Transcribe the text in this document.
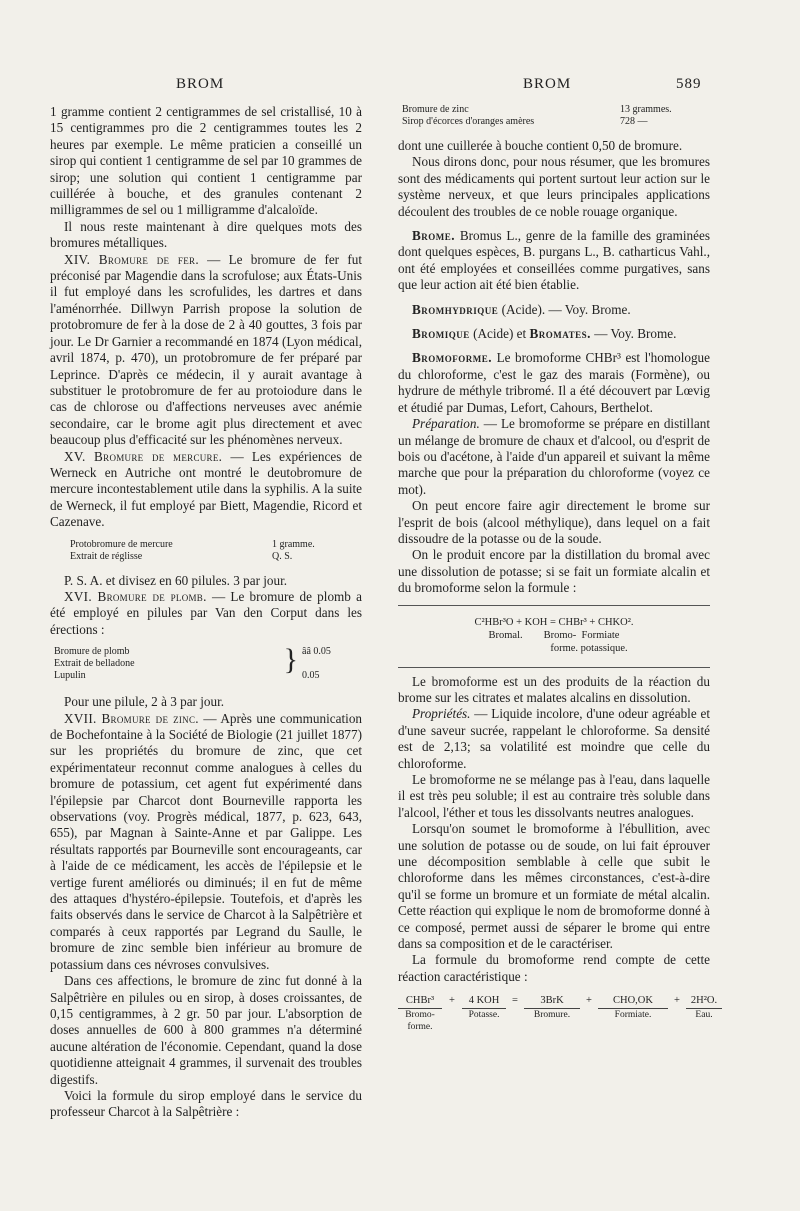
BROM	BROM	589

1 gramme contient 2 centigrammes de sel cristallisé, 10 à 15 centigrammes pro die 2 centigrammes toutes les 2 heures par exemple. Le même praticien a conseillé un sirop qui contient 1 centigramme de sel par 10 grammes de sirop; une solution qui contient 1 centigramme par cuillérée à bouche, et des granules contenant 2 milligrammes de sel ou 1 milligramme d'alcaloïde.

Il nous reste maintenant à dire quelques mots des bromures métalliques.

XIV. Bromure de fer. — Le bromure de fer fut préconisé par Magendie dans la scrofulose; aux États-Unis il fut employé dans les scrofulides, les dartres et dans l'aménorrhée. Dillwyn Parrish propose la solution de protobromure de fer à la dose de 2 à 40 gouttes, 3 fois par jour. Le Dr Garnier a recommandé en 1874 (Lyon médical, avril 1874, p. 470), un protobromure de fer préparé par Leprince. D'après ce médecin, il y aurait avantage à substituer le protobromure de fer au protoiodure dans le cas de chlorose ou d'affections nerveuses avec anémie secondaire, car le brome agit plus directement et avec beaucoup plus d'efficacité sur les phénomènes nerveux.

XV. Bromure de mercure. — Les expériences de Werneck en Autriche ont montré le deutobromure de mercure incontestablement utile dans la syphilis. A la suite de Werneck, il fut employé par Biett, Magendie, Ricord et Cazenave.

Protobromure de mercure	1 gramme.
Extrait de réglisse	Q. S.

P. S. A. et divisez en 60 pilules. 3 par jour.

XVI. Bromure de plomb. — Le bromure de plomb a été employé en pilules par Van den Corput dans les érections :

Bromure de plomb
Extrait de belladone
Lupulin	} ââ 0.05

0.05

Pour une pilule, 2 à 3 par jour.

XVII. Bromure de zinc. — Après une communication de Bochefontaine à la Société de Biologie (21 juillet 1877) sur les propriétés du bromure de zinc, que cet expérimentateur reconnut comme analogues à celles du bromure de potassium, cet agent fut expérimenté dans l'épilepsie par Charcot dont Bourneville rapporta les observations (voy. Progrès médical, 1877, p. 623, 643, 655), par Magnan à Sainte-Anne et par Galippe. Les résultats rapportés par Bourneville sont encourageants, car à l'aide de ce médicament, les accès de l'épilepsie et le vertige furent améliorés ou diminués; il en fut de même des attaques d'hystéro-épilepsie. Toutefois, et d'après les faits observés dans le service de Charcot à la Salpêtrière et comparés à ceux rapportés par Legrand du Saulle, le bromure de zinc semble bien inférieur au bromure de potassium dans ces névroses convulsives.

Dans ces affections, le bromure de zinc fut donné à la Salpêtrière en pilules ou en sirop, à doses croissantes, de 0,15 centigrammes, à 2 gr. 50 par jour. L'absorption de doses annuelles de 600 à 800 grammes n'a déterminé aucune altération de l'économie. Cependant, quand la dose quotidienne atteignait 4 grammes, il survenait des troubles digestifs.

Voici la formule du sirop employé dans le service du professeur Charcot à la Salpêtrière :

Bromure de zinc	13 grammes.
Sirop d'écorces d'oranges amères	728 —

dont une cuillerée à bouche contient 0,50 de bromure.

Nous dirons donc, pour nous résumer, que les bromures sont des médicaments qui portent surtout leur action sur le système nerveux, et que leurs principales applications découlent des troubles de ce noble rouage organique.

Brome. Bromus L., genre de la famille des graminées dont quelques espèces, B. purgans L., B. catharticus Vahl., ont été employées et conseillées comme purgatives, sans que leur action ait été bien établie.

Bromhydrique (Acide). — Voy. Brome.

Bromique (Acide) et Bromates. — Voy. Brome.

Bromoforme. Le bromoforme CHBr³ est l'homologue du chloroforme, c'est le gaz des marais (Formène), ou hydrure de méthyle tribromé. Il a été découvert par Lœvig et étudié par Dumas, Lefort, Cahours, Berthelot.

Préparation. — Le bromoforme se prépare en distillant un mélange de bromure de chaux et d'alcool, ou d'esprit de bois ou d'acétone, à l'aide d'un appareil et suivant la même marche que pour la préparation du chloroforme (voyez ce mot).

On peut encore faire agir directement le brome sur l'esprit de bois (alcool méthylique), dans lequel on a fait dissoudre de la potasse ou de la soude.

On le produit encore par la distillation du bromal avec une dissolution de potasse; si se fait un formiate alcalin et du bromoforme selon la formule :

C²HBr³O + KOH = CHBr³ + CHKO².
Bromal.        Bromo-  Formiate
forme. potassique.

Le bromoforme est un des produits de la réaction du brome sur les citrates et malates alcalins en dissolution.

Propriétés. — Liquide incolore, d'une odeur agréable et d'une saveur sucrée, rappelant le chloroforme. Sa densité est de 2,13; sa volatilité est moindre que celle du chloroforme.

Le bromoforme ne se mélange pas à l'eau, dans laquelle il est très peu soluble; il est au contraire très soluble dans l'alcool, l'éther et tous les dissolvants neutres analogues.

Lorsqu'on soumet le bromoforme à l'ébullition, avec une solution de potasse ou de soude, on lui fait éprouver une décomposition semblable à celle que subit le chloroforme dans les mêmes circonstances, c'est-à-dire qu'il se forme un bromure et un formiate de métal alcalin. Cette réaction qui explique le nom de bromoforme donné à ce composé, permet aussi de séparer le brome qui entre dans sa composition et de le caractériser.

La formule du bromoforme rend compte de cette réaction caractéristique :

CHBr³	+	4 KOH	=	3BrK	+	CHO,OK	+	2H²O.
Bromo-forme.
Potasse.	Bromure.	Formiate.	Eau.
